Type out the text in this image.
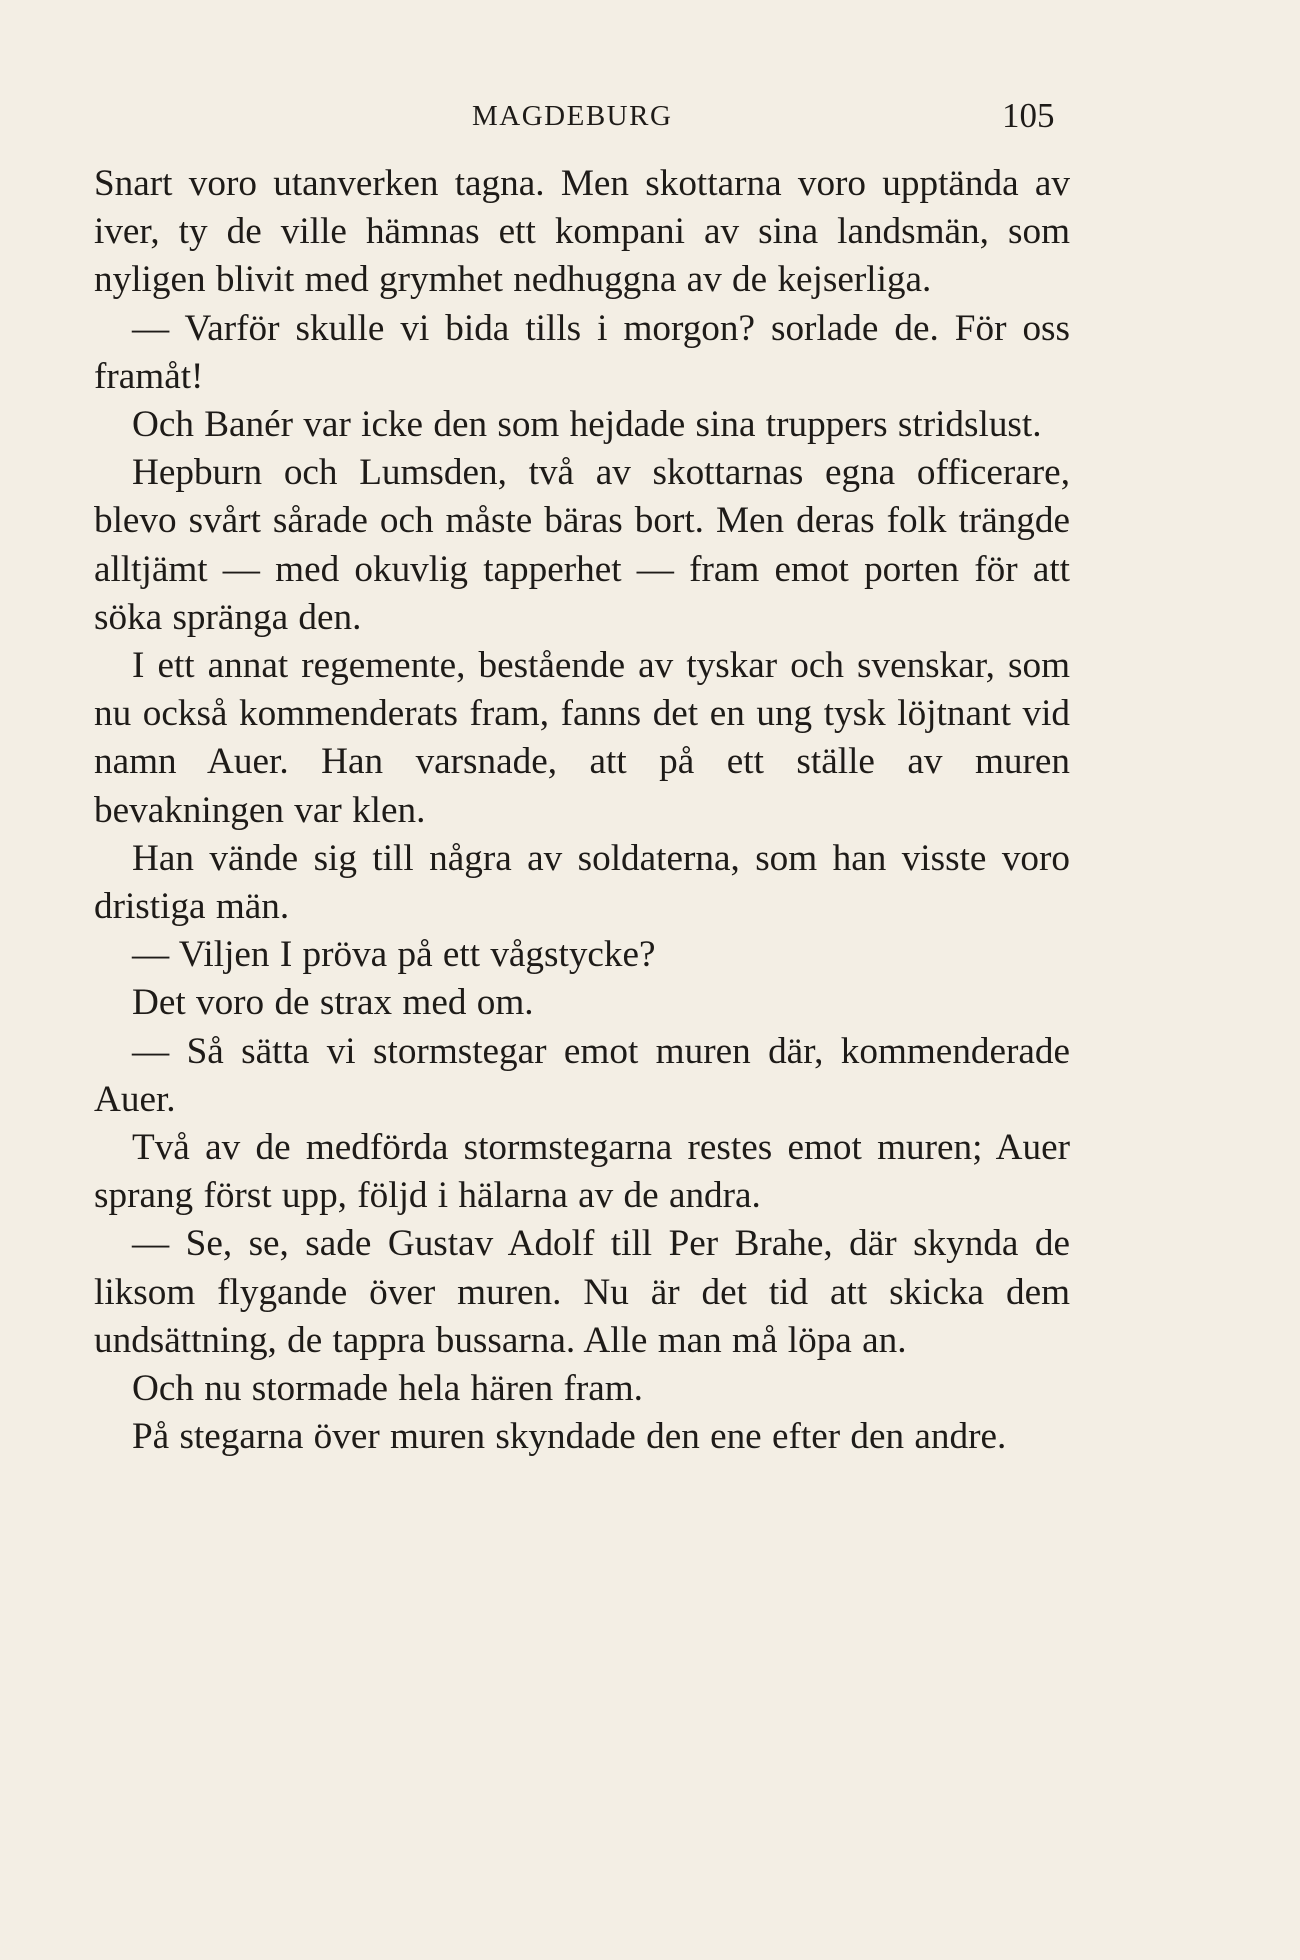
MAGDEBURG	105

Snart voro utanverken tagna. Men skottarna voro upptända av iver, ty de ville hämnas ett kompani av sina landsmän, som nyligen blivit med grymhet nedhuggna av de kejserliga.

— Varför skulle vi bida tills i morgon? sorlade de. För oss framåt!

Och Banér var icke den som hejdade sina truppers stridslust.

Hepburn och Lumsden, två av skottarnas egna officerare, blevo svårt sårade och måste bäras bort. Men deras folk trängde alltjämt — med okuvlig tapperhet — fram emot porten för att söka spränga den.

I ett annat regemente, bestående av tyskar och svenskar, som nu också kommenderats fram, fanns det en ung tysk löjtnant vid namn Auer. Han varsnade, att på ett ställe av muren bevakningen var klen.

Han vände sig till några av soldaterna, som han visste voro dristiga män.

— Viljen I pröva på ett vågstycke?

Det voro de strax med om.

— Så sätta vi stormstegar emot muren där, kommenderade Auer.

Två av de medförda stormstegarna restes emot muren; Auer sprang först upp, följd i hälarna av de andra.

— Se, se, sade Gustav Adolf till Per Brahe, där skynda de liksom flygande över muren. Nu är det tid att skicka dem undsättning, de tappra bussarna. Alle man må löpa an.

Och nu stormade hela hären fram.

På stegarna över muren skyndade den ene efter den andre.
